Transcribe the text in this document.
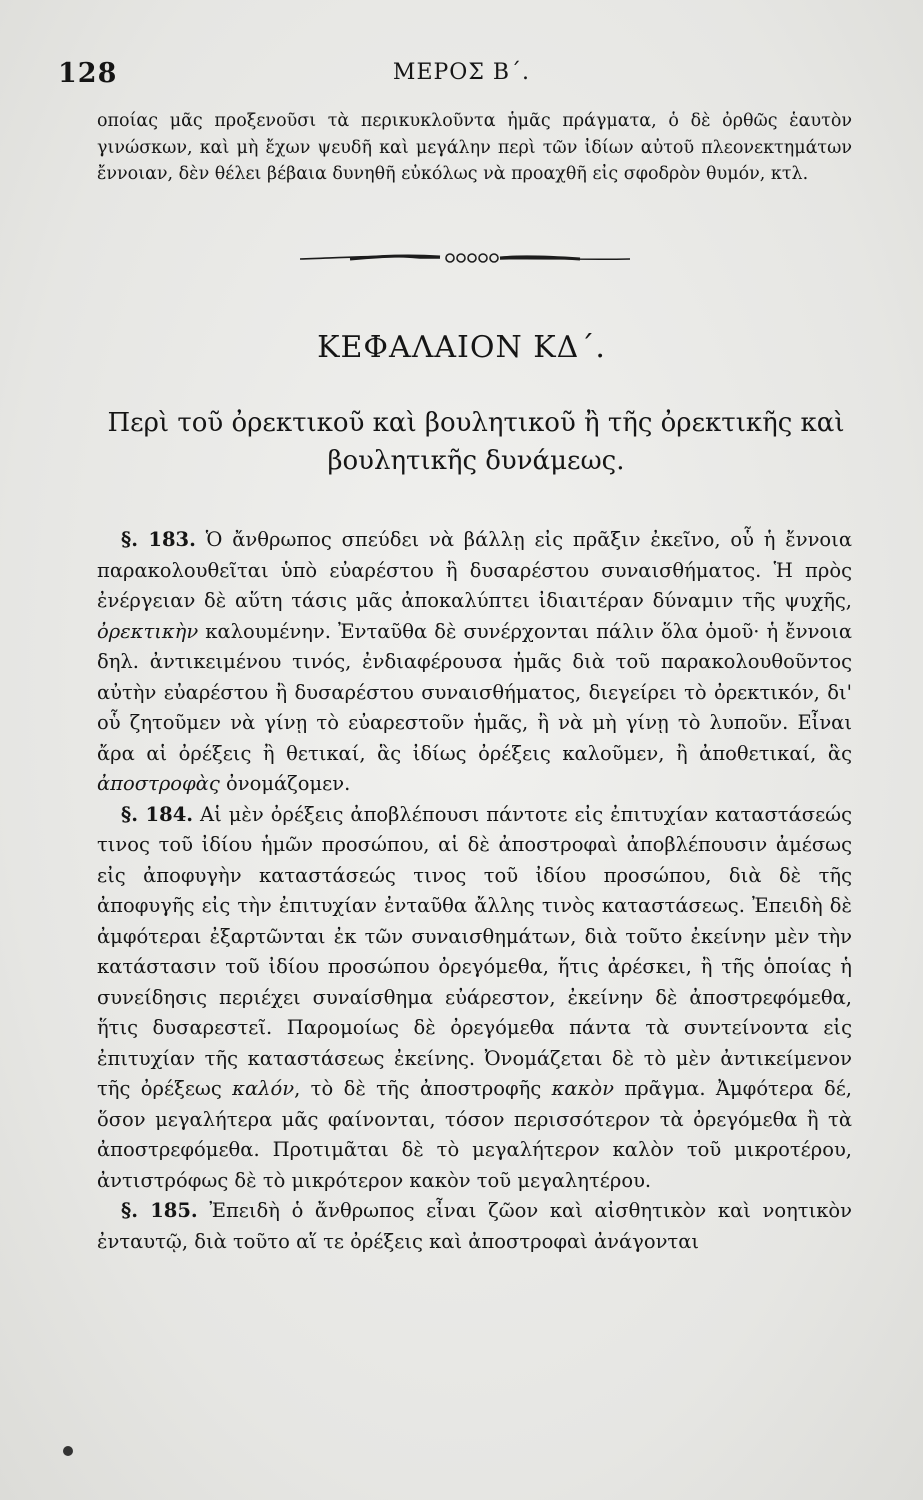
128	ΜΕΡΟΣ Β΄.
οποίας μᾶς προξενοῦσι τὰ περικυκλοῦντα ἡμᾶς πράγματα, ὁ δὲ ὀρθῶς ἑαυτὸν γινώσκων, καὶ μὴ ἔχων ψευδῆ καὶ μεγάλην περὶ τῶν ἰδίων αὐτοῦ πλεονεκτημάτων ἔννοιαν, δὲν θέλει βέβαια δυνηθῆ εὐκόλως νὰ προαχθῆ εἰς σφοδρὸν θυμόν, κτλ.
ΚΕΦΑΛΑΙΟΝ ΚΔ΄.
Περὶ τοῦ ὀρεκτικοῦ καὶ βουλητικοῦ ἢ τῆς ὀρεκτικῆς καὶ βουλητικῆς δυνάμεως.

§. 183. Ὁ ἄνθρωπος σπεύδει νὰ βάλλῃ εἰς πρᾶξιν ἐκεῖνο, οὗ ἡ ἔννοια παρακολουθεῖται ὑπὸ εὐαρέστου ἢ δυσαρέστου συναισθήματος. Ἡ πρὸς ἐνέργειαν δὲ αὕτη τάσις μᾶς ἀποκαλύπτει ἰδιαιτέραν δύναμιν τῆς ψυχῆς, ὀρεκτικὴν καλουμένην. Ἐνταῦθα δὲ συνέρχονται πάλιν ὅλα ὁμοῦ· ἡ ἔννοια δηλ. ἀντικειμένου τινός, ἐνδιαφέρουσα ἡμᾶς διὰ τοῦ παρακολουθοῦντος αὐτὴν εὐαρέστου ἢ δυσαρέστου συναισθήματος, διεγείρει τὸ ὀρεκτικόν, δι' οὗ ζητοῦμεν νὰ γίνῃ τὸ εὐαρεστοῦν ἡμᾶς, ἢ νὰ μὴ γίνῃ τὸ λυποῦν. Εἶναι ἄρα αἱ ὀρέξεις ἢ θετικαί, ἃς ἰδίως ὀρέξεις καλοῦμεν, ἢ ἀποθετικαί, ἃς ἀποστροφὰς ὀνομάζομεν.

§. 184. Αἱ μὲν ὀρέξεις ἀποβλέπουσι πάντοτε εἰς ἐπιτυχίαν καταστάσεώς τινος τοῦ ἰδίου ἡμῶν προσώπου, αἱ δὲ ἀποστροφαὶ ἀποβλέπουσιν ἀμέσως εἰς ἀποφυγὴν καταστάσεώς τινος τοῦ ἰδίου προσώπου, διὰ δὲ τῆς ἀποφυγῆς εἰς τὴν ἐπιτυχίαν ἐνταῦθα ἄλλης τινὸς καταστάσεως. Ἐπειδὴ δὲ ἀμφότεραι ἐξαρτῶνται ἐκ τῶν συναισθημάτων, διὰ τοῦτο ἐκείνην μὲν τὴν κατάστασιν τοῦ ἰδίου προσώπου ὀρεγόμεθα, ἥτις ἀρέσκει, ἢ τῆς ὁποίας ἡ συνείδησις περιέχει συναίσθημα εὐάρεστον, ἐκείνην δὲ ἀποστρεφόμεθα, ἥτις δυσαρεστεῖ. Παρομοίως δὲ ὀρεγόμεθα πάντα τὰ συντείνοντα εἰς ἐπιτυχίαν τῆς καταστάσεως ἐκείνης. Ὀνομάζεται δὲ τὸ μὲν ἀντικείμενον τῆς ὀρέξεως καλόν, τὸ δὲ τῆς ἀποστροφῆς κακὸν πρᾶγμα. Ἀμφότερα δέ, ὅσον μεγαλήτερα μᾶς φαίνονται, τόσον περισσότερον τὰ ὀρεγόμεθα ἢ τὰ ἀποστρεφόμεθα. Προτιμᾶται δὲ τὸ μεγαλήτερον καλὸν τοῦ μικροτέρου, ἀντιστρόφως δὲ τὸ μικρότερον κακὸν τοῦ μεγαλητέρου.

§. 185. Ἐπειδὴ ὁ ἄνθρωπος εἶναι ζῶον καὶ αἰσθητικὸν καὶ νοητικὸν ἐνταυτῷ, διὰ τοῦτο αἵ τε ὀρέξεις καὶ ἀποστροφαὶ ἀνάγονται
